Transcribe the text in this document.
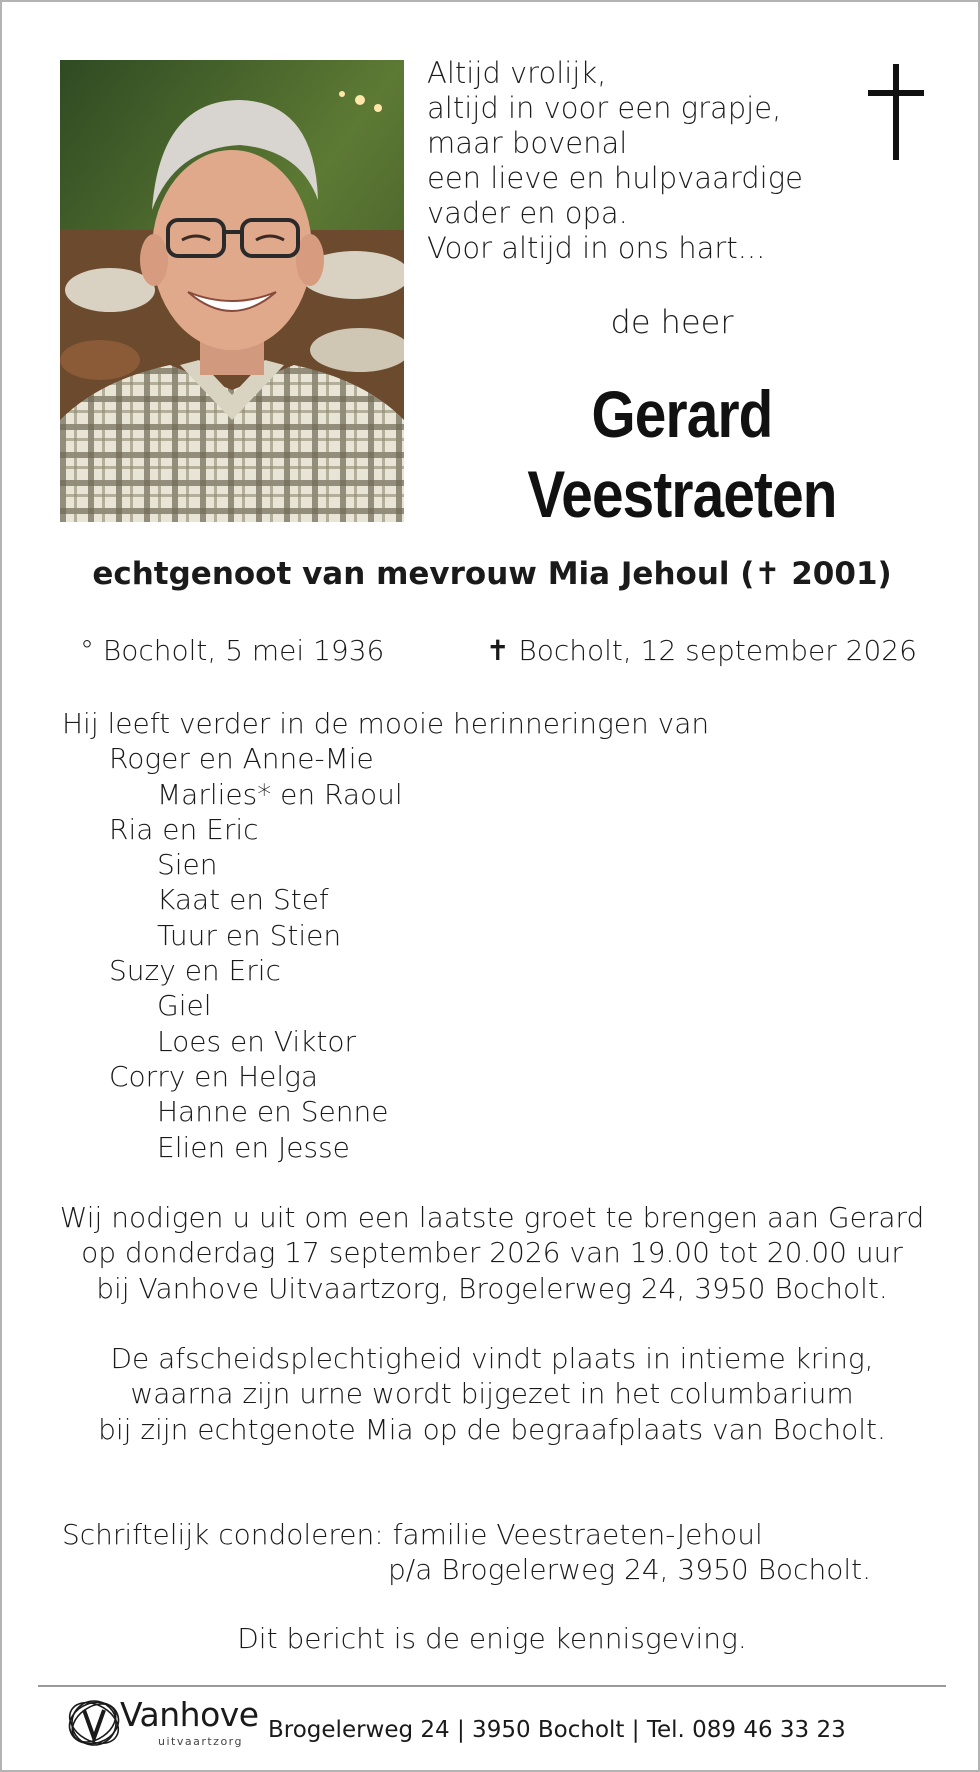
Altijd vrolijk,
altijd in voor een grapje,
maar bovenal
een lieve en hulpvaardige
vader en opa.
Voor altijd in ons hart...
de heer
Gerard
Veestraeten
echtgenoot van mevrouw Mia Jehoul (✝ 2001)
° Bocholt, 5 mei 1936	✝ Bocholt, 12 september 2026
Hij leeft verder in de mooie herinneringen van
Roger en Anne-Mie
Marlies* en Raoul
Ria en Eric
Sien
Kaat en Stef
Tuur en Stien
Suzy en Eric
Giel
Loes en Viktor
Corry en Helga
Hanne en Senne
Elien en Jesse
Wij nodigen u uit om een laatste groet te brengen aan Gerard
op donderdag 17 september 2026 van 19.00 tot 20.00 uur
bij Vanhove Uitvaartzorg, Brogelerweg 24, 3950 Bocholt.
De afscheidsplechtigheid vindt plaats in intieme kring,
waarna zijn urne wordt bijgezet in het columbarium
bij zijn echtgenote Mia op de begraafplaats van Bocholt.
Schriftelijk condoleren: familie Veestraeten-Jehoul
p/a Brogelerweg 24, 3950 Bocholt.
Dit bericht is de enige kennisgeving.
Vanhove
uitvaartzorg Brogelerweg 24 | 3950 Bocholt | Tel. 089 46 33 23
